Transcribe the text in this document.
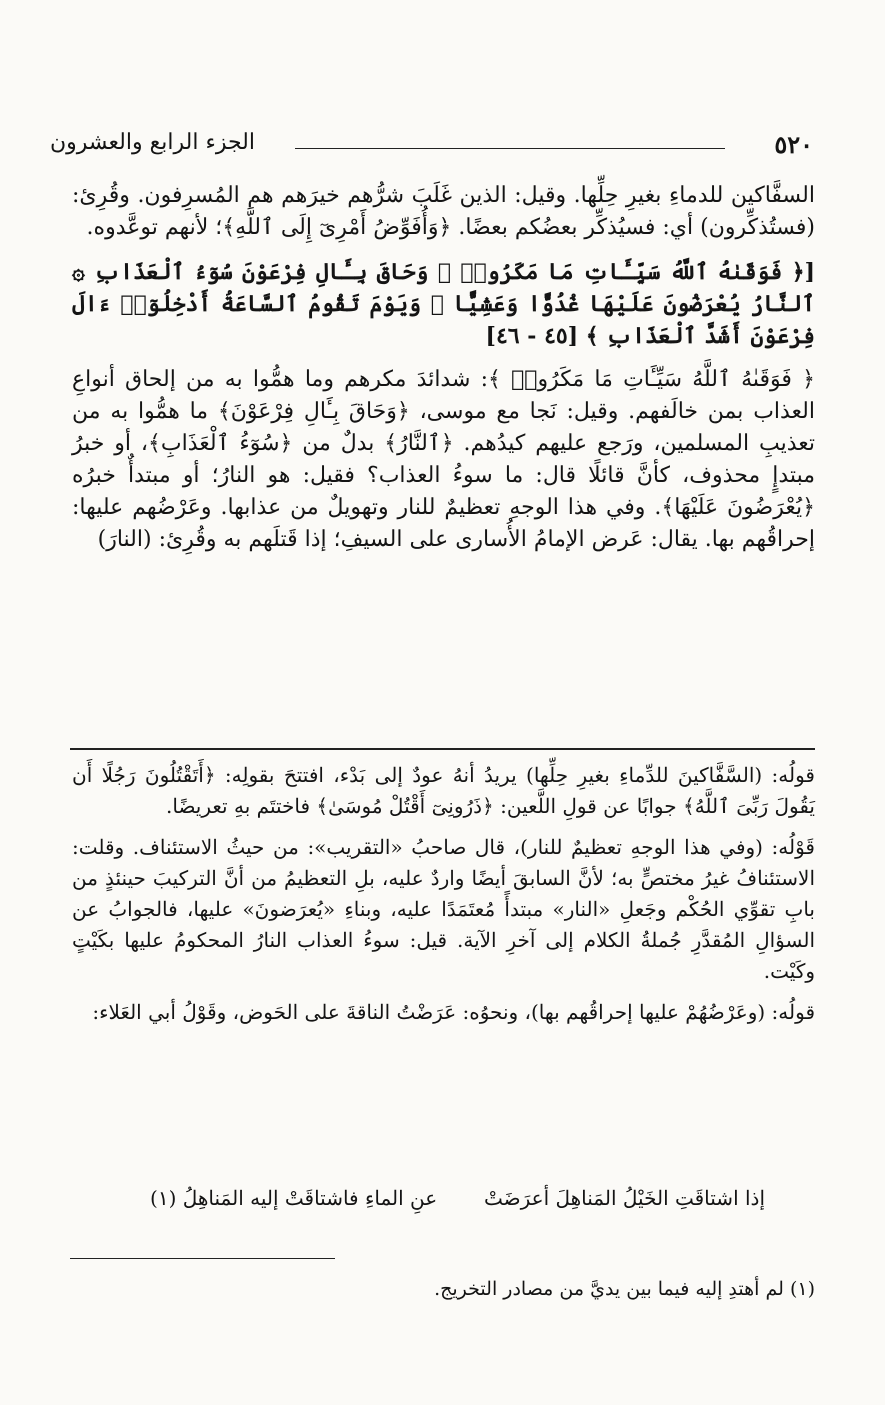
٥٢٠
الجزء الرابع والعشرون

السفَّاكين للدماءِ بغيرِ حِلِّها. وقيل: الذين غَلَبَ شرُّهم خيرَهم هم المُسرِفون. وقُرِئ: (فستُذكِّرون) أي: فسيُذكِّر بعضُكم بعضًا. ﴿وَأُفَوِّضُ أَمْرِىٓ إِلَى ٱللَّهِ﴾؛ لأنهم توعَّدوه.

[﴿ فَوَقَىٰهُ ٱللَّهُ سَيِّـَٔاتِ مَا مَكَرُوا۟ ۖ وَحَاقَ بِـَٔالِ فِرْعَوْنَ سُوٓءُ ٱلْعَذَابِ ۞ ٱلنَّارُ يُعْرَضُونَ عَلَيْهَا غُدُوًّا وَعَشِيًّا ۖ وَيَوْمَ تَقُومُ ٱلسَّاعَةُ أَدْخِلُوٓا۟ ءَالَ فِرْعَوْنَ أَشَدَّ ٱلْعَذَابِ ﴾ [٤٥ - ٤٦]

﴿ فَوَقَىٰهُ ٱللَّهُ سَيِّـَٔاتِ مَا مَكَرُوا۟ ﴾: شدائدَ مكرهم وما همُّوا به من إلحاق أنواعِ العذاب بمن خالَفهم. وقيل: نَجا مع موسى، ﴿وَحَاقَ بِـَٔالِ فِرْعَوْنَ﴾ ما همُّوا به من تعذيبِ المسلمين، ورَجع عليهم كيدُهم. ﴿ٱلنَّارُ﴾ بدلٌ من ﴿سُوٓءُ ٱلْعَذَابِ﴾، أو خبرُ مبتدإٍ محذوف، كأنَّ قائلًا قال: ما سوءُ العذاب؟ فقيل: هو النارُ؛ أو مبتدأٌ خبرُه ﴿يُعْرَضُونَ عَلَيْهَا﴾. وفي هذا الوجهِ تعظيمٌ للنار وتهويلٌ من عذابها. وعَرْضُهم عليها: إحراقُهم بها. يقال: عَرض الإمامُ الأُسارى على السيفِ؛ إذا قَتلَهم به وقُرِئ: (النارَ)

قولُه: (السَّفَّاكينَ للدِّماءِ بغيرِ حِلِّها) يريدُ أنهُ عودٌ إلى بَدْء، افتتحَ بقولِه: ﴿أَتَقْتُلُونَ رَجُلًا أَن يَقُولَ رَبِّىَ ٱللَّهُ﴾ جوابًا عن قولِ اللَّعين: ﴿ذَرُونِىٓ أَقْتُلْ مُوسَىٰ﴾ فاختتَم بهِ تعريضًا.

قَوْلُه: (وفي هذا الوجهِ تعظيمٌ للنار)، قال صاحبُ «التقريب»: من حيثُ الاستئناف. وقلت: الاستئنافُ غيرُ مختصٍّ به؛ لأنَّ السابقَ أيضًا واردٌ عليه، بلِ التعظيمُ من أنَّ التركيبَ حينئذٍ من بابِ تقوِّي الحُكْم وجَعلِ «النار» مبتدأً مُعتَمَدًا عليه، وبناءِ «يُعرَضونَ» عليها، فالجوابُ عن السؤالِ المُقدَّرِ جُملةُ الكلام إلى آخرِ الآية. قيل: سوءُ العذاب النارُ المحكومُ عليها بكَيْتٍ وكَيْت.

قولُه: (وعَرْضُهُمْ عليها إحراقُهم بها)، ونحوُه: عَرَضْتُ الناقةَ على الحَوض، وقَوْلُ أبي العَلاء:

إذا اشتاقَتِ الخَيْلُ المَناهِلَ أعرَضَتْ
عنِ الماءِ فاشتاقَتْ إليه المَناهِلُ (١)
(١) لم أهتدِ إليه فيما بين يديَّ من مصادر التخريج.
